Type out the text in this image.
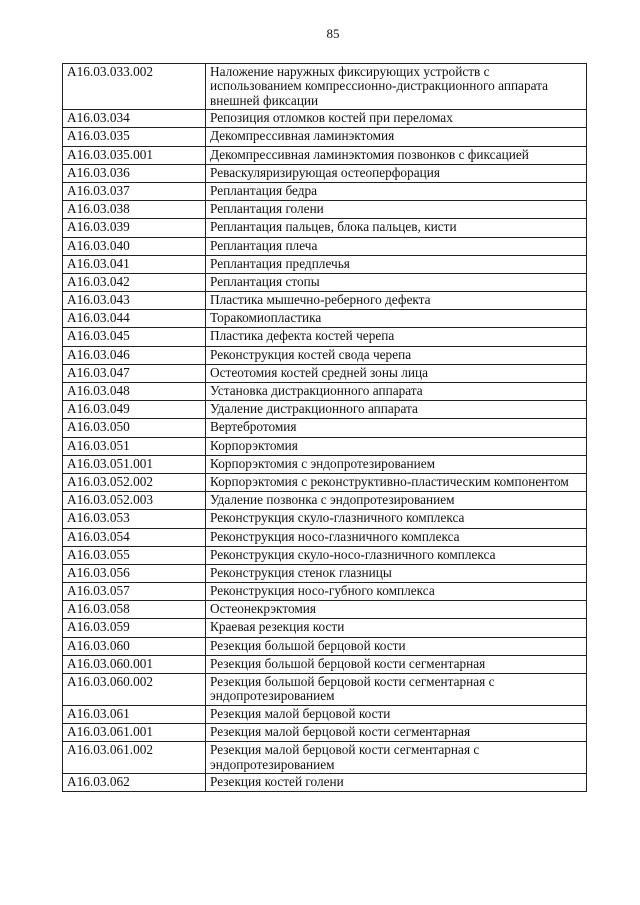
85
A16.03.033.002	Наложение наружных фиксирующих устройств с использованием компрессионно-дистракционного аппарата внешней фиксации
A16.03.034	Репозиция отломков костей при переломах
A16.03.035	Декомпрессивная ламинэктомия
A16.03.035.001	Декомпрессивная ламинэктомия позвонков с фиксацией
A16.03.036	Реваскуляризирующая остеоперфорация
A16.03.037	Реплантация бедра
A16.03.038	Реплантация голени
A16.03.039	Реплантация пальцев, блока пальцев, кисти
A16.03.040	Реплантация плеча
A16.03.041	Реплантация предплечья
A16.03.042	Реплантация стопы
A16.03.043	Пластика мышечно-реберного дефекта
A16.03.044	Торакомиопластика
A16.03.045	Пластика дефекта костей черепа
A16.03.046	Реконструкция костей свода черепа
A16.03.047	Остеотомия костей средней зоны лица
A16.03.048	Установка дистракционного аппарата
A16.03.049	Удаление дистракционного аппарата
A16.03.050	Вертебротомия
A16.03.051	Корпорэктомия
A16.03.051.001	Корпорэктомия с эндопротезированием
A16.03.052.002	Корпорэктомия с реконструктивно-пластическим компонентом
A16.03.052.003	Удаление позвонка с эндопротезированием
A16.03.053	Реконструкция скуло-глазничного комплекса
A16.03.054	Реконструкция носо-глазничного комплекса
A16.03.055	Реконструкция скуло-носо-глазничного комплекса
A16.03.056	Реконструкция стенок глазницы
A16.03.057	Реконструкция носо-губного комплекса
A16.03.058	Остеонекрэктомия
A16.03.059	Краевая резекция кости
A16.03.060	Резекция большой берцовой кости
A16.03.060.001	Резекция большой берцовой кости сегментарная
A16.03.060.002	Резекция большой берцовой кости сегментарная с эндопротезированием
A16.03.061	Резекция малой берцовой кости
A16.03.061.001	Резекция малой берцовой кости сегментарная
A16.03.061.002	Резекция малой берцовой кости сегментарная с эндопротезированием
A16.03.062	Резекция костей голени
